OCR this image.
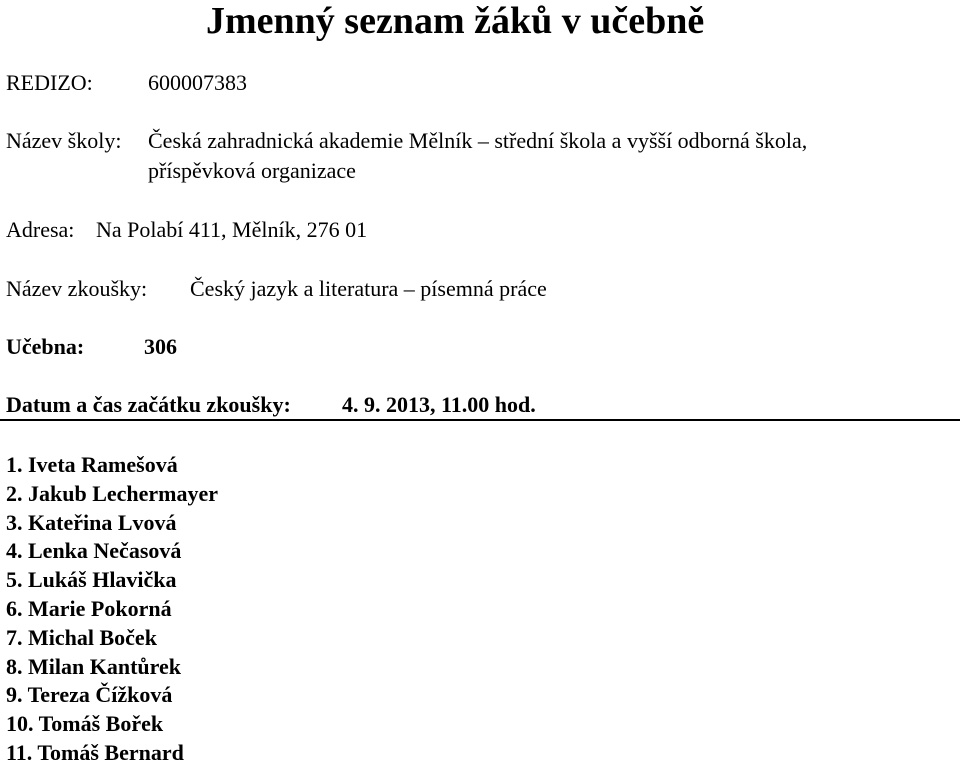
Jmenný seznam žáků v učebně
REDIZO:	600007383
Název školy: Česká zahradnická akademie Mělník – střední škola a vyšší odborná škola,
příspěvková organizace
Adresa: Na Polabí 411, Mělník, 276 01
Název zkoušky: Český jazyk a literatura – písemná práce
Učebna:	306
Datum a čas začátku zkoušky: 4. 9. 2013, 11.00 hod.
1. Iveta Ramešová
2. Jakub Lechermayer
3. Kateřina Lvová
4. Lenka Nečasová
5. Lukáš Hlavička
6. Marie Pokorná
7. Michal Boček
8. Milan Kantůrek
9. Tereza Čížková
10. Tomáš Bořek
11. Tomáš Bernard
